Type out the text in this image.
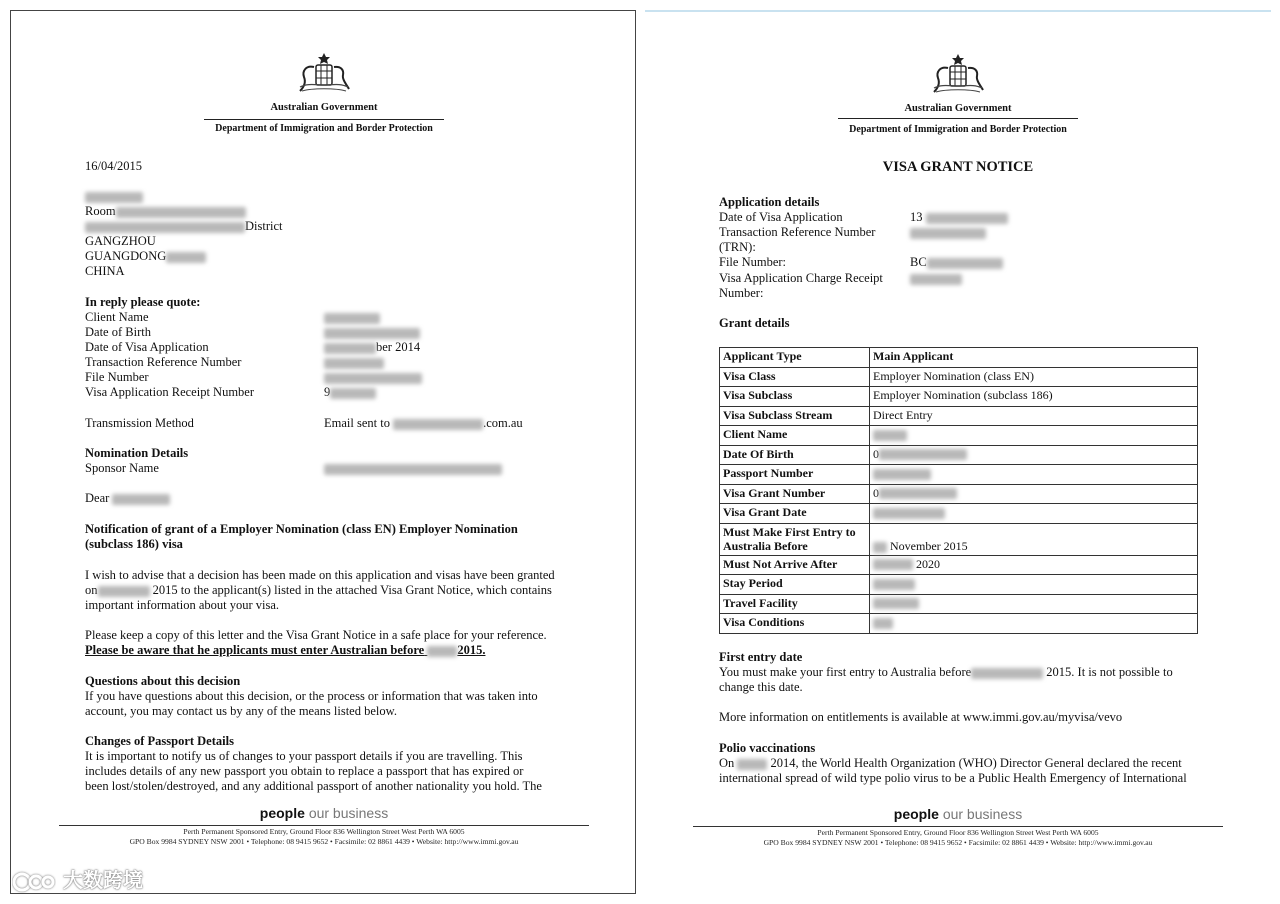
Australian Government
Department of Immigration and Border Protection
16/04/2015
Room
District
GANGZHOU
GUANGDONG
CHINA
In reply please quote:
Client Name
Date of Birth
Date of Visa Application	ber 2014
Transaction Reference Number
File Number
Visa Application Receipt Number	9
Transmission Method	Email sent to	.com.au
Nomination Details
Sponsor Name
Dear
Notification of grant of a Employer Nomination (class EN) Employer Nomination
(subclass 186) visa
I wish to advise that a decision has been made on this application and visas have been granted
on	2015 to the applicant(s) listed in the attached Visa Grant Notice, which contains
important information about your visa.
Please keep a copy of this letter and the Visa Grant Notice in a safe place for your reference.
Please be aware that he applicants must enter Australian before	2015.
Questions about this decision
If you have questions about this decision, or the process or information that was taken into
account, you may contact us by any of the means listed below.
Changes of Passport Details
It is important to notify us of changes to your passport details if you are travelling. This
includes details of any new passport you obtain to replace a passport that has expired or
been lost/stolen/destroyed, and any additional passport of another nationality you hold. The
people our business
Perth Permanent Sponsored Entry, Ground Floor 836 Wellington Street West Perth WA 6005
GPO Box 9984 SYDNEY NSW 2001 • Telephone: 08 9415 9652 • Facsimile: 02 8861 4439 • Website: http://www.immi.gov.au
Australian Government
Department of Immigration and Border Protection
VISA GRANT NOTICE
Application details
Date of Visa Application	13
Transaction Reference Number
(TRN):
File Number:	BC
Visa Application Charge Receipt
Number:
Grant details
Applicant Type	Main Applicant
Visa Class	Employer Nomination (class EN)
Visa Subclass	Employer Nomination (subclass 186)
Visa Subclass Stream	Direct Entry
Client Name	
Date Of Birth	0
Passport Number	
Visa Grant Number	0
Visa Grant Date	
Must Make First Entry to Australia Before	November 2015
Must Not Arrive After	2020
Stay Period	
Travel Facility	
Visa Conditions	
First entry date
You must make your first entry to Australia before	2015. It is not possible to
change this date.
More information on entitlements is available at www.immi.gov.au/myvisa/vevo
Polio vaccinations
On	2014, the World Health Organization (WHO) Director General declared the recent
international spread of wild type polio virus to be a Public Health Emergency of International
people our business
Perth Permanent Sponsored Entry, Ground Floor 836 Wellington Street West Perth WA 6005
GPO Box 9984 SYDNEY NSW 2001 • Telephone: 08 9415 9652 • Facsimile: 02 8861 4439 • Website: http://www.immi.gov.au
大数跨境
